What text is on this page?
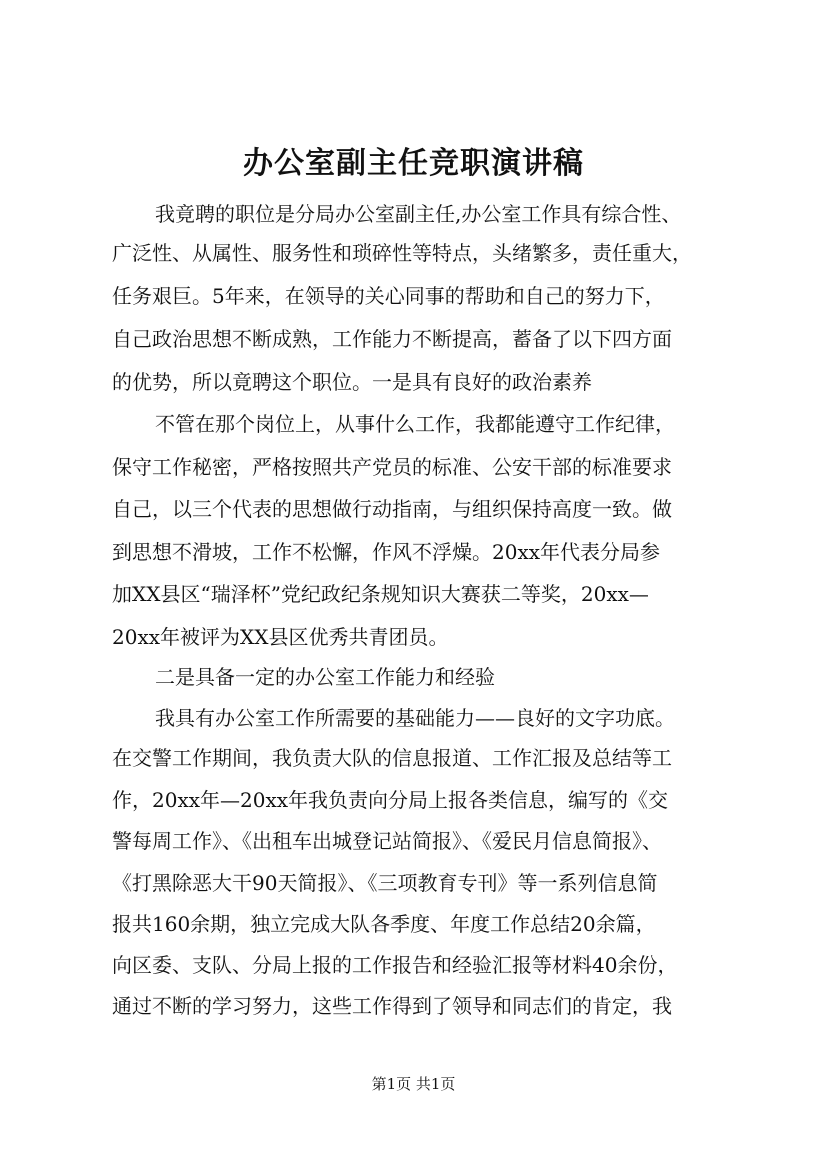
办公室副主任竞职演讲稿
我竟聘的职位是分局办公室副主任,办公室工作具有综合性、
广泛性、从属性、服务性和琐碎性等特点，头绪繁多，责任重大，
任务艰巨。5年来，在领导的关心同事的帮助和自己的努力下，
自己政治思想不断成熟，工作能力不断提高，蓄备了以下四方面
的优势，所以竟聘这个职位。一是具有良好的政治素养
不管在那个岗位上，从事什么工作，我都能遵守工作纪律，
保守工作秘密，严格按照共产党员的标准、公安干部的标准要求
自己，以三个代表的思想做行动指南，与组织保持高度一致。做
到思想不滑坡，工作不松懈，作风不浮燥。20xx年代表分局参
加XX县区“瑞泽杯”党纪政纪条规知识大赛获二等奖，20xx—
20xx年被评为XX县区优秀共青团员。
二是具备一定的办公室工作能力和经验
我具有办公室工作所需要的基础能力——良好的文字功底。
在交警工作期间，我负责大队的信息报道、工作汇报及总结等工
作，20xx年—20xx年我负责向分局上报各类信息，编写的《交
警每周工作》、《出租车出城登记站简报》、《爱民月信息简报》、
《打黑除恶大干90天简报》、《三项教育专刊》等一系列信息简
报共160余期，独立完成大队各季度、年度工作总结20余篇，
向区委、支队、分局上报的工作报告和经验汇报等材料40余份，
通过不断的学习努力，这些工作得到了领导和同志们的肯定，我
第1页 共1页
